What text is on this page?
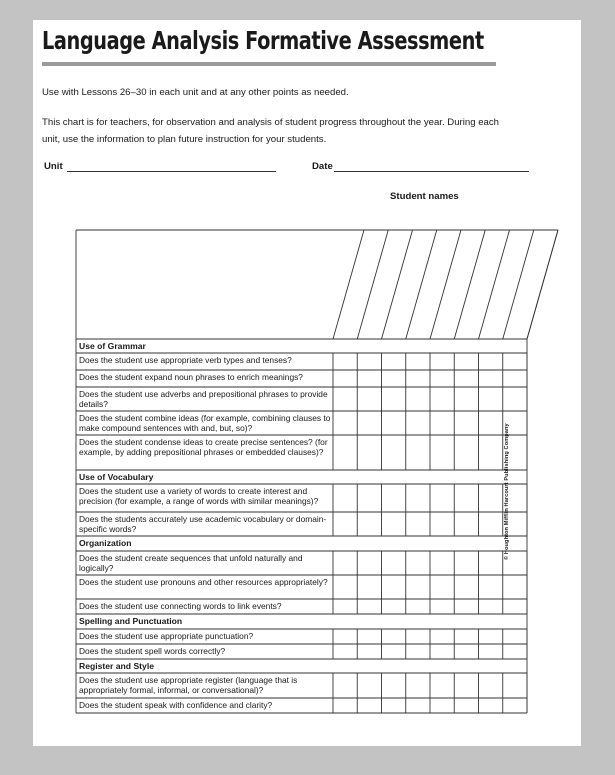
Language Analysis Formative Assessment
Use with Lessons 26–30 in each unit and at any other points as needed.
This chart is for teachers, for observation and analysis of student progress throughout the year. During each unit, use the information to plan future instruction for your students.
Unit	Date
Student names
Use of Grammar
Does the student use appropriate verb types and tenses?
Does the student expand noun phrases to enrich meanings?
Does the student use adverbs and prepositional phrases to provide details?
Does the student combine ideas (for example, combining clauses to make compound sentences with and, but, so)?
Does the student condense ideas to create precise sentences? (for example, by adding prepositional phrases or embedded clauses)?
Use of Vocabulary
Does the student use a variety of words to create interest and precision (for example, a range of words with similar meanings)?
Does the students accurately use academic vocabulary or domain-specific words?
Organization
Does the student create sequences that unfold naturally and logically?
Does the student use pronouns and other resources appropriately?
Does the student use connecting words to link events?
Spelling and Punctuation
Does the student use appropriate punctuation?
Does the student spell words correctly?
Register and Style
Does the student use appropriate register (language that is appropriately formal, informal, or conversational)?
Does the student speak with confidence and clarity?
© Houghton Mifflin Harcourt Publishing Company
